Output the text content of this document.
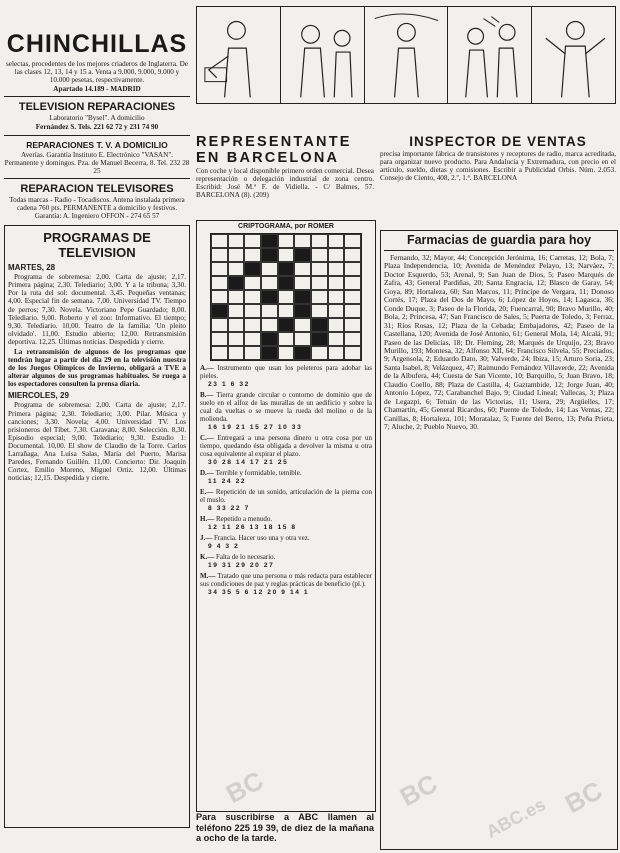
CHINCHILLAS
selectas, procedentes de los mejores criaderos de Inglaterra. De las clases 12, 13, 14 y 15 a. Venta a 9.000, 9.000, 9.000 y 10.000 pesetas, respectivamente.
Apartado 14.189 - MADRID
TELEVISION REPARACIONES
Laboratorio "Bysel". A domicilio
Fernández S. Tels. 221 62 72 y 231 74 90
REPARACIONES T. V. A DOMICILIO
Averías. Garantía Instituto E. Electrónico "VASAN". Permanente y domingos. Pza. de Manuel Becerra, 8. Tel. 232 28 25
REPARACION TELEVISORES
Todas marcas - Radio - Tocadiscos. Antena instalada primera cadena 760 pts. PERMANENTE a domicilio y festivos. Garantía: A. Ingeniero OFFON - 274 65 57
PROGRAMAS DE TELEVISION
MARTES, 28
Programa de sobremesa: 2,00. Carta de ajuste; 2,17. Primera página; 2,30. Telediario; 3,00. Y a la tribuna; 3,30. Por la ruta del sol: documental. 3,45. Pequeñas ventanas; 4,00. Especial fin de semana. 7,00. Universidad TV. Tiempo de perros; 7,30. Novela. Victoriano Pepe Guardado; 8,00. Telediario. 9,00. Roberto y el zoo: Informativo. El tiempo; 9,30. Telediario. 10,00. Teatro de la familia: 'Un pleito olvidado'. 11,00. Estudio abierto; 12,00. Retransmisión deportiva. 12,25. Últimas noticias. Despedida y cierre.
La retransmisión de algunos de los programas que tendrán lugar a partir del día 29 en la televisión nuestra de los Juegos Olímpicos de Invierno, obligará a TVE a alterar algunos de sus programas habituales. Se ruega a los espectadores consulten la prensa diaria.
MIERCOLES, 29
Programa de sobremesa: 2,00. Carta de ajuste; 2,17. Primera página; 2,30. Telediario; 3,00. Pilar. Música y canciones; 3,30. Novela; 4,00. Universidad TV. Los prisioneros del Tíbet. 7,30. Caravana; 8,00. Selección. 8,30. Episodio especial; 9,00. Telediario; 9,30. Estudio 1: Documental. 10,00. El show de Claudio de la Torre. Carlos Larrañaga, Ana Luisa Salas, María del Puerto, Marisa Paredes, Fernando Guillén. 11,00. Concierto: Dir. Joaquín Cortez, Emilio Moreno, Miguel Ortiz. 12,00. Últimas noticias; 12,15. Despedida y cierre.
REPRESENTANTE
EN BARCELONA
Con coche y local disponible primero orden comercial. Desea representación o delegación industrial de zona centro. Escribid: José M.ª F. de Vidiella. - C/ Balmes, 57. BARCELONA (8). (209)
CRIPTOGRAMA, por ROMER
A.— Instrumento que usan los peleteros para adobar las pieles.
23 1 6 32
B.— Tierra grande circular o contorno de dominio que de suelo en el alfoz de las murallas de un aedificio y sobre la cual da vueltas o se mueve la rueda del molino o de la molienda.
16 19 21 15 27 10 33
C.— Entregará a una persona dinero u otra cosa por un tiempo, quedando ésta obligada a devolver la misma u otra cosa equivalente al expirar el plazo.
30 28 14 17 21 25
D.— Terrible y formidable, temible.
11 24 22
E.— Repetición de un sonido, articulación de la pierna con el muslo.
8 33 22 7
H.— Repetido a menudo.
12 11 26 13 18 15 8
J.— Francia. Hacer uso una y otra vez.
9 4 3 2
K.— Falta de lo necesario.
19 31 29 20 27
M.— Tratado que una persona o más redacta para establecer sus condiciones de paz y reglas prácticas de beneficio (pl.).
34 35 5 6 12 20 9 14 1
Para suscribirse a ABC llamen al teléfono 225 19 39, de diez de la mañana a ocho de la tarde.
INSPECTOR DE VENTAS
precisa importante fábrica de transistores y receptores de radio, marca acreditada, para organizar nuevo producto. Para Andalucía y Extremadura, con precio en el artículo, sueldo, dietas y comisiones. Escribir a Publicidad Orbis. Núm. 2.053. Consejo de Ciento, 408, 2.º, 1.ª. BARCELONA
Farmacias de guardia para hoy
Fernando, 32; Mayor, 44; Concepción Jerónima, 16; Carretas, 12; Bola, 7; Plaza Independencia, 10; Avenida de Menéndez Pelayo, 13; Narváez, 7; Doctor Esquerdo, 53; Arenal, 9; San Juan de Dios, 5; Paseo Marqués de Zafra, 43; General Pardiñas, 20; Santa Engracia, 12; Blasco de Garay, 54; Goya, 89; Hortaleza, 60; San Marcos, 11; Príncipe de Vergara, 11; Donoso Cortés, 17; Plaza del Dos de Mayo, 6; López de Hoyos, 14; Lagasca, 36; Conde Duque, 3; Paseo de la Florida, 20; Fuencarral, 90; Bravo Murillo, 40; Bola, 2; Princesa, 47; San Francisco de Sales, 5; Puerta de Toledo, 3; Ferraz, 31; Ríos Rosas, 12; Plaza de la Cebada; Embajadores, 42; Paseo de la Castellana, 120; Avenida de José Antonio, 61; General Mola, 14; Alcalá, 91; Paseo de las Delicias, 18; Dr. Fleming, 28; Marqués de Urquijo, 23; Bravo Murillo, 193; Montesa, 32; Alfonso XII, 64; Francisco Silvela, 55; Preciados, 9; Argensola, 2; Eduardo Dato, 30; Valverde, 24; Ibiza, 15; Arturo Soria, 23; Santa Isabel, 8; Velázquez, 47; Raimundo Fernández Villaverde, 22; Avenida de la Albufera, 44; Cuesta de San Vicente, 10; Barquillo, 5; Juan Bravo, 18; Claudio Coello, 88; Plaza de Castilla, 4; Gaztambide, 12; Jorge Juan, 40; Antonio López, 72; Carabanchel Bajo, 9; Ciudad Lineal; Vallecas, 3; Plaza de Legazpi, 6; Tetuán de las Victorias, 11; Usera, 29; Argüelles, 17; Chamartín, 45; General Ricardos, 60; Puente de Toledo, 14; Las Ventas, 22; Canillas, 8; Hortaleza, 101; Moratalaz, 5; Fuente del Berro, 13; Peña Prieta, 7; Aluche, 2; Pueblo Nuevo, 30.
BC	BC	BC
ABC.es
